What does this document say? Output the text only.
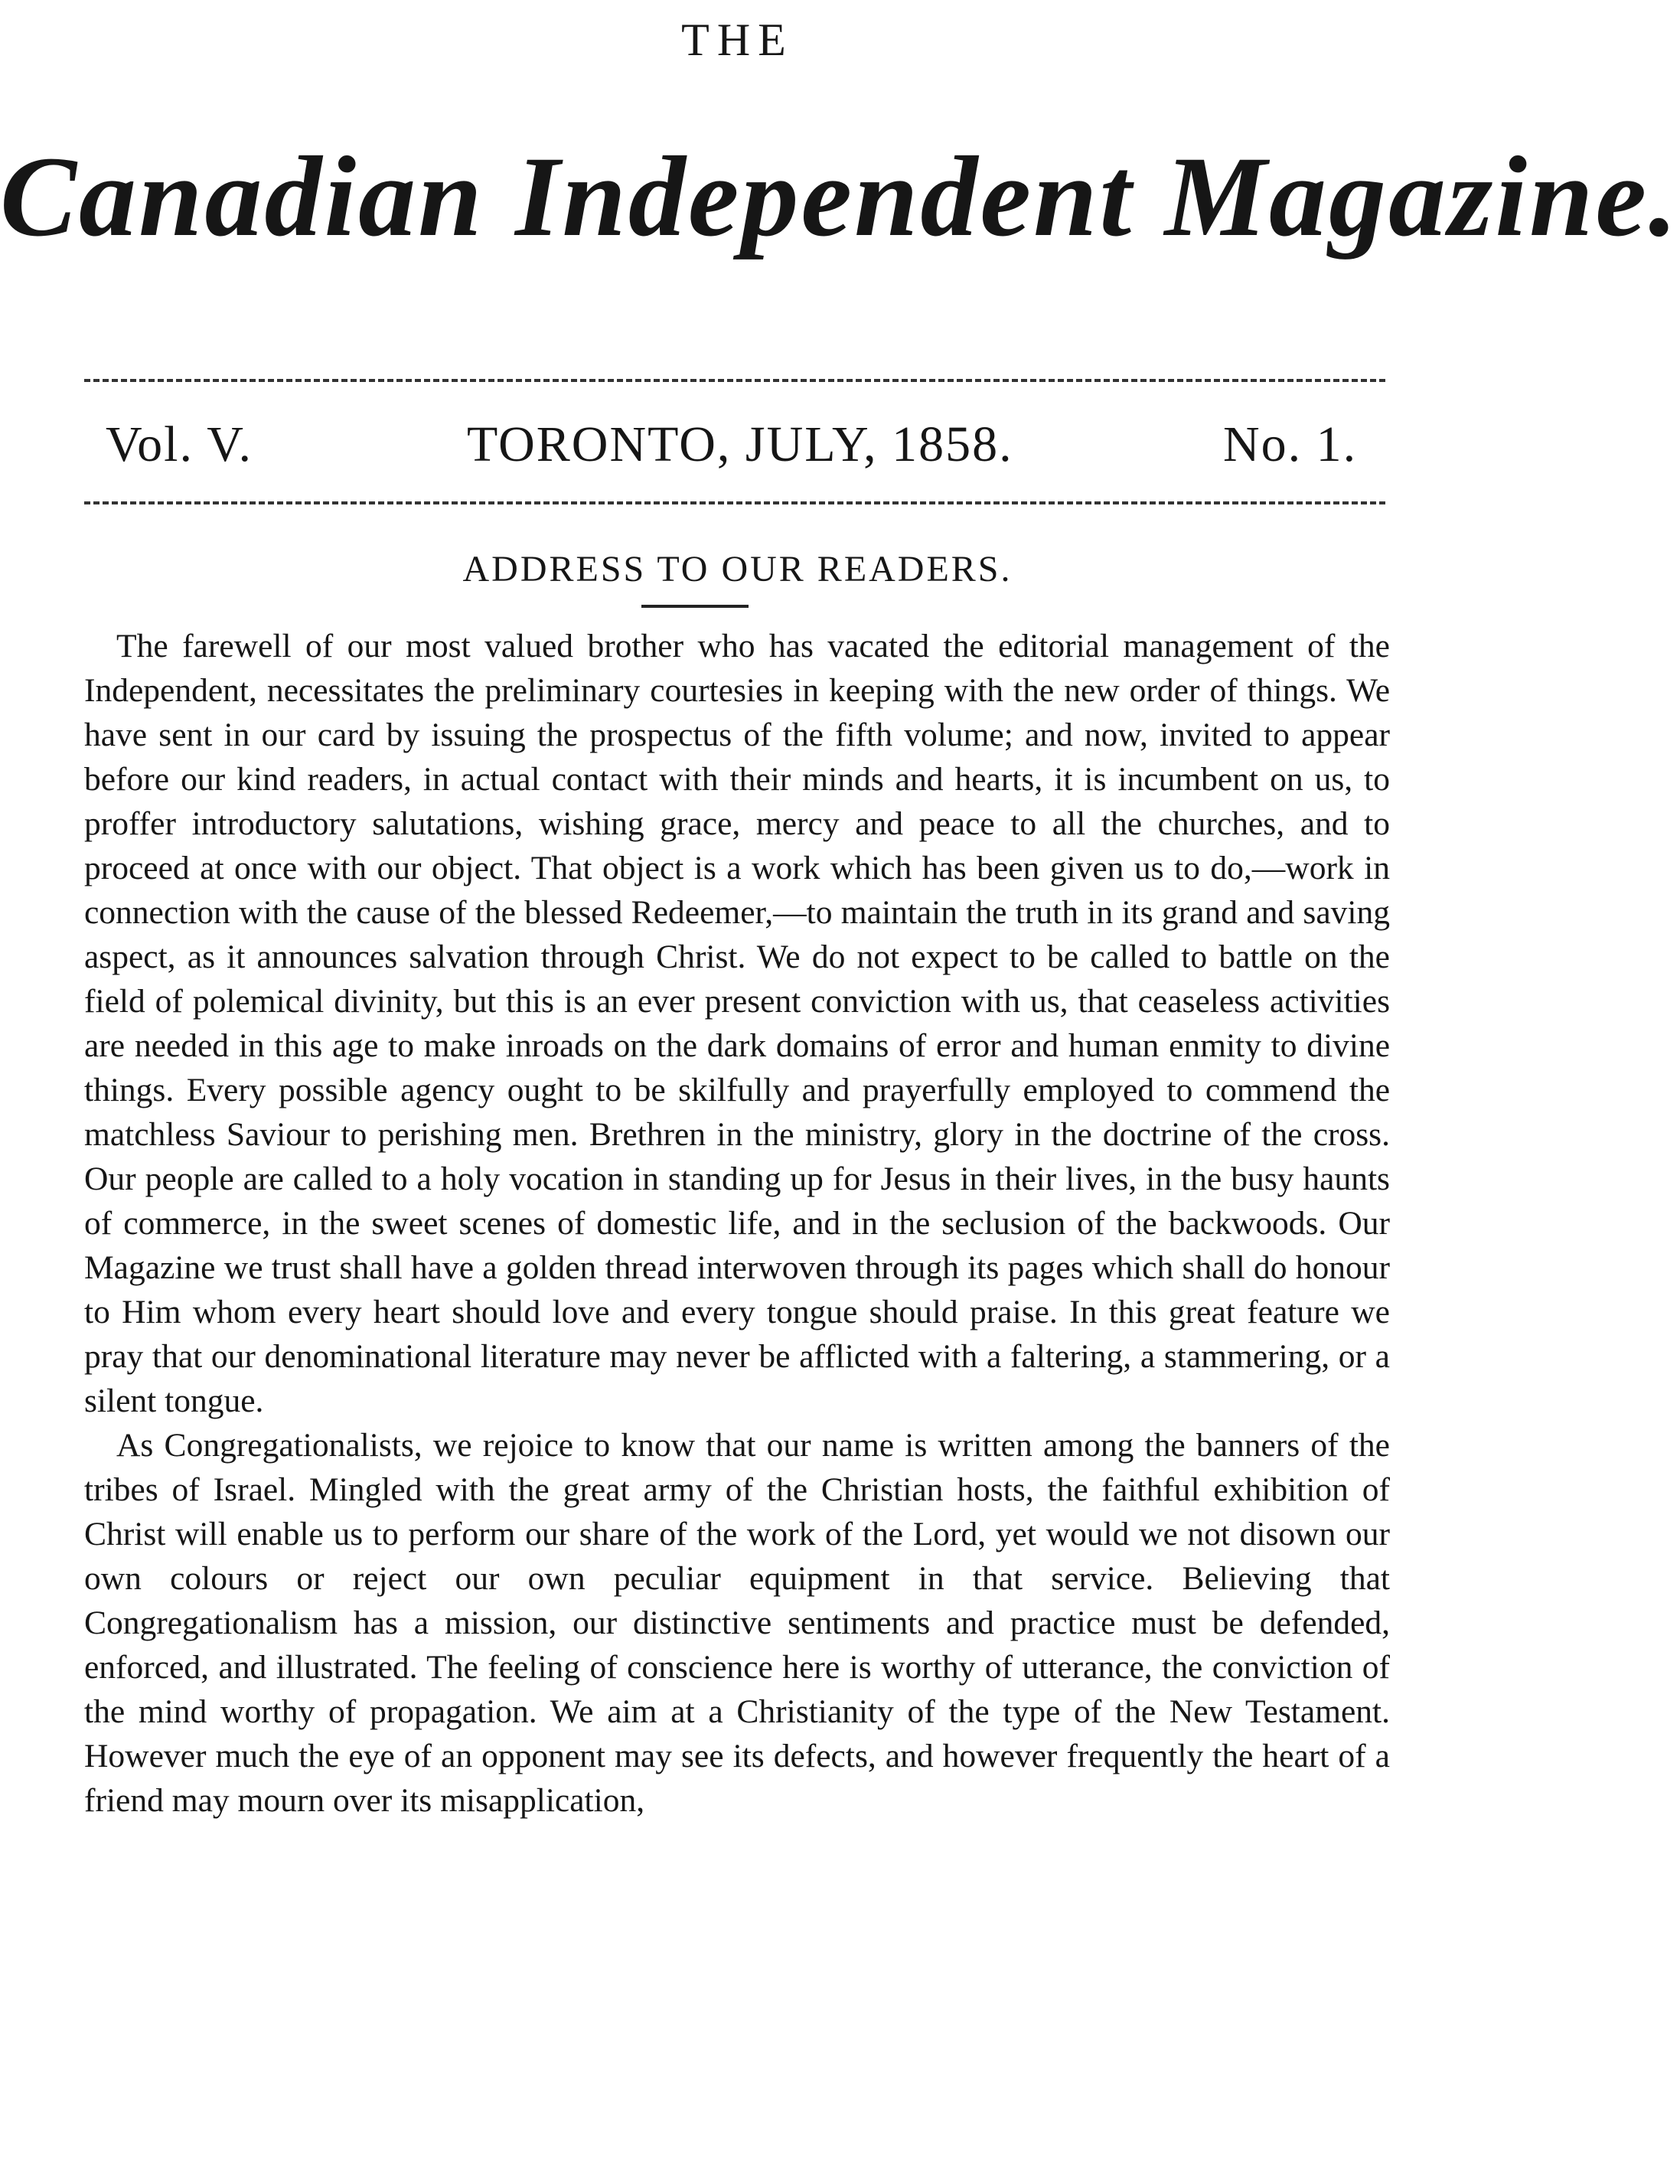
THE
Canadian Independent Magazine.
Vol. V.	TORONTO, JULY, 1858.	No. 1.
ADDRESS TO OUR READERS.

The farewell of our most valued brother who has vacated the editorial management of the Independent, necessitates the preliminary courtesies in keeping with the new order of things. We have sent in our card by issuing the prospectus of the fifth volume; and now, invited to appear before our kind readers, in actual contact with their minds and hearts, it is incumbent on us, to proffer introductory salutations, wishing grace, mercy and peace to all the churches, and to proceed at once with our object. That object is a work which has been given us to do,—work in connection with the cause of the blessed Redeemer,—to maintain the truth in its grand and saving aspect, as it announces salvation through Christ. We do not expect to be called to battle on the field of polemical divinity, but this is an ever present conviction with us, that ceaseless activities are needed in this age to make inroads on the dark domains of error and human enmity to divine things. Every possible agency ought to be skilfully and prayerfully employed to commend the matchless Saviour to perishing men. Brethren in the ministry, glory in the doctrine of the cross. Our people are called to a holy vocation in standing up for Jesus in their lives, in the busy haunts of commerce, in the sweet scenes of domestic life, and in the seclusion of the backwoods. Our Magazine we trust shall have a golden thread interwoven through its pages which shall do honour to Him whom every heart should love and every tongue should praise. In this great feature we pray that our denominational literature may never be afflicted with a faltering, a stammering, or a silent tongue.

As Congregationalists, we rejoice to know that our name is written among the banners of the tribes of Israel. Mingled with the great army of the Christian hosts, the faithful exhibition of Christ will enable us to perform our share of the work of the Lord, yet would we not disown our own colours or reject our own peculiar equipment in that service. Believing that Congregationalism has a mission, our distinctive sentiments and practice must be defended, enforced, and illustrated. The feeling of conscience here is worthy of utterance, the conviction of the mind worthy of propagation. We aim at a Christianity of the type of the New Testament. However much the eye of an opponent may see its defects, and however frequently the heart of a friend may mourn over its misapplication,
